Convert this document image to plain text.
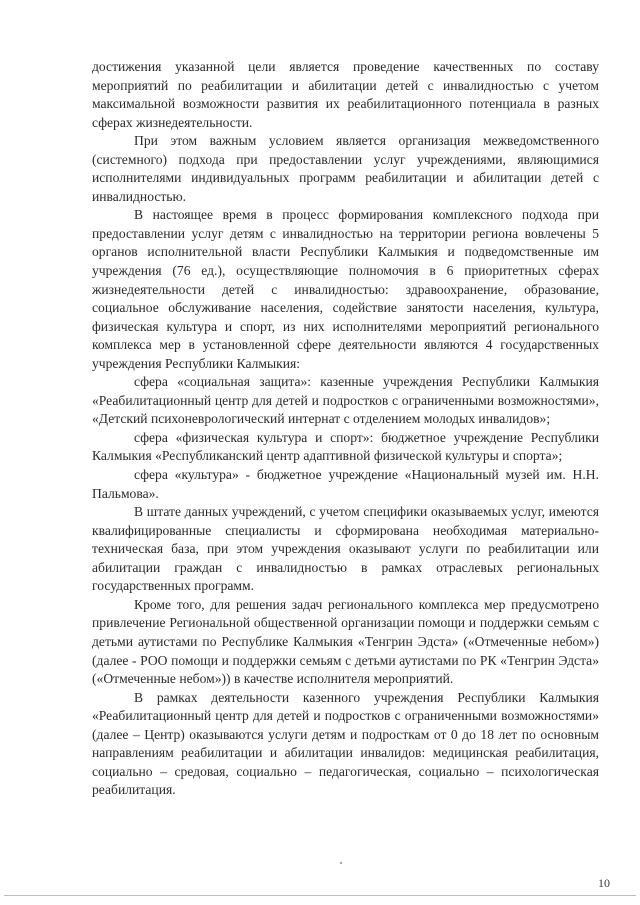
достижения указанной цели является проведение качественных по составу мероприятий по реабилитации и абилитации детей с инвалидностью с учетом максимальной возможности развития их реабилитационного потенциала в разных сферах жизнедеятельности.

При этом важным условием является организация межведомственного (системного) подхода при предоставлении услуг учреждениями, являющимися исполнителями индивидуальных программ реабилитации и абилитации детей с инвалидностью.

В настоящее время в процесс формирования комплексного подхода при предоставлении услуг детям с инвалидностью на территории региона вовлечены 5 органов исполнительной власти Республики Калмыкия и подведомственные им учреждения (76 ед.), осуществляющие полномочия в 6 приоритетных сферах жизнедеятельности детей с инвалидностью: здравоохранение, образование, социальное обслуживание населения, содействие занятости населения, культура, физическая культура и спорт, из них исполнителями мероприятий регионального комплекса мер в установленной сфере деятельности являются 4 государственных учреждения Республики Калмыкия:

сфера «социальная защита»: казенные учреждения Республики Калмыкия «Реабилитационный центр для детей и подростков с ограниченными возможностями», «Детский психоневрологический интернат с отделением молодых инвалидов»;

сфера «физическая культура и спорт»: бюджетное учреждение Республики Калмыкия «Республиканский центр адаптивной физической культуры и спорта»;

сфера «культура» - бюджетное учреждение «Национальный музей им. Н.Н. Пальмова».

В штате данных учреждений, с учетом специфики оказываемых услуг, имеются квалифицированные специалисты и сформирована необходимая материально-техническая база, при этом учреждения оказывают услуги по реабилитации или абилитации граждан с инвалидностью в рамках отраслевых региональных государственных программ.

Кроме того, для решения задач регионального комплекса мер предусмотрено привлечение Региональной общественной организации помощи и поддержки семьям с детьми аутистами по Республике Калмыкия «Тенгрин Эдста» («Отмеченные небом») (далее - РОО помощи и поддержки семьям с детьми аутистами по РК «Тенгрин Эдста» («Отмеченные небом»)) в качестве исполнителя мероприятий.

В рамках деятельности казенного учреждения Республики Калмыкия «Реабилитационный центр для детей и подростков с ограниченными возможностями» (далее – Центр) оказываются услуги детям и подросткам от 0 до 18 лет по основным направлениям реабилитации и абилитации инвалидов: медицинская реабилитация, социально – средовая, социально – педагогическая, социально – психологическая реабилитация.

10
